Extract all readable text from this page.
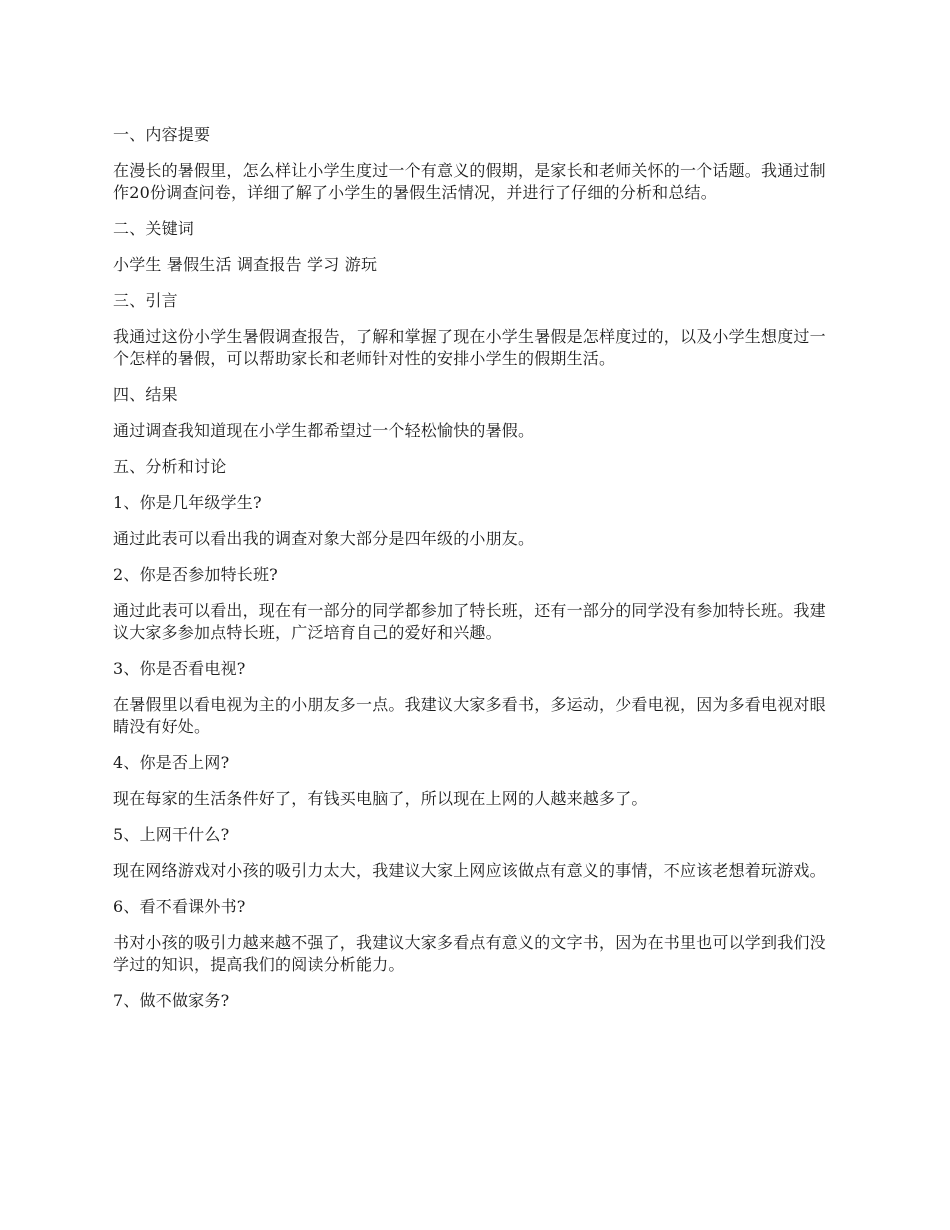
一、内容提要

在漫长的暑假里，怎么样让小学生度过一个有意义的假期，是家长和老师关怀的一个话题。我通过制作20份调查问卷，详细了解了小学生的暑假生活情况，并进行了仔细的分析和总结。

二、关键词

小学生 暑假生活 调查报告 学习 游玩

三、引言

我通过这份小学生暑假调查报告，了解和掌握了现在小学生暑假是怎样度过的，以及小学生想度过一个怎样的暑假，可以帮助家长和老师针对性的安排小学生的假期生活。

四、结果

通过调查我知道现在小学生都希望过一个轻松愉快的暑假。

五、分析和讨论

1、你是几年级学生?

通过此表可以看出我的调查对象大部分是四年级的小朋友。

2、你是否参加特长班?

通过此表可以看出，现在有一部分的同学都参加了特长班，还有一部分的同学没有参加特长班。我建议大家多参加点特长班，广泛培育自己的爱好和兴趣。

3、你是否看电视?

在暑假里以看电视为主的小朋友多一点。我建议大家多看书，多运动，少看电视，因为多看电视对眼睛没有好处。

4、你是否上网?

现在每家的生活条件好了，有钱买电脑了，所以现在上网的人越来越多了。

5、上网干什么?

现在网络游戏对小孩的吸引力太大，我建议大家上网应该做点有意义的事情，不应该老想着玩游戏。

6、看不看课外书?

书对小孩的吸引力越来越不强了，我建议大家多看点有意义的文字书，因为在书里也可以学到我们没学过的知识，提高我们的阅读分析能力。

7、做不做家务?
